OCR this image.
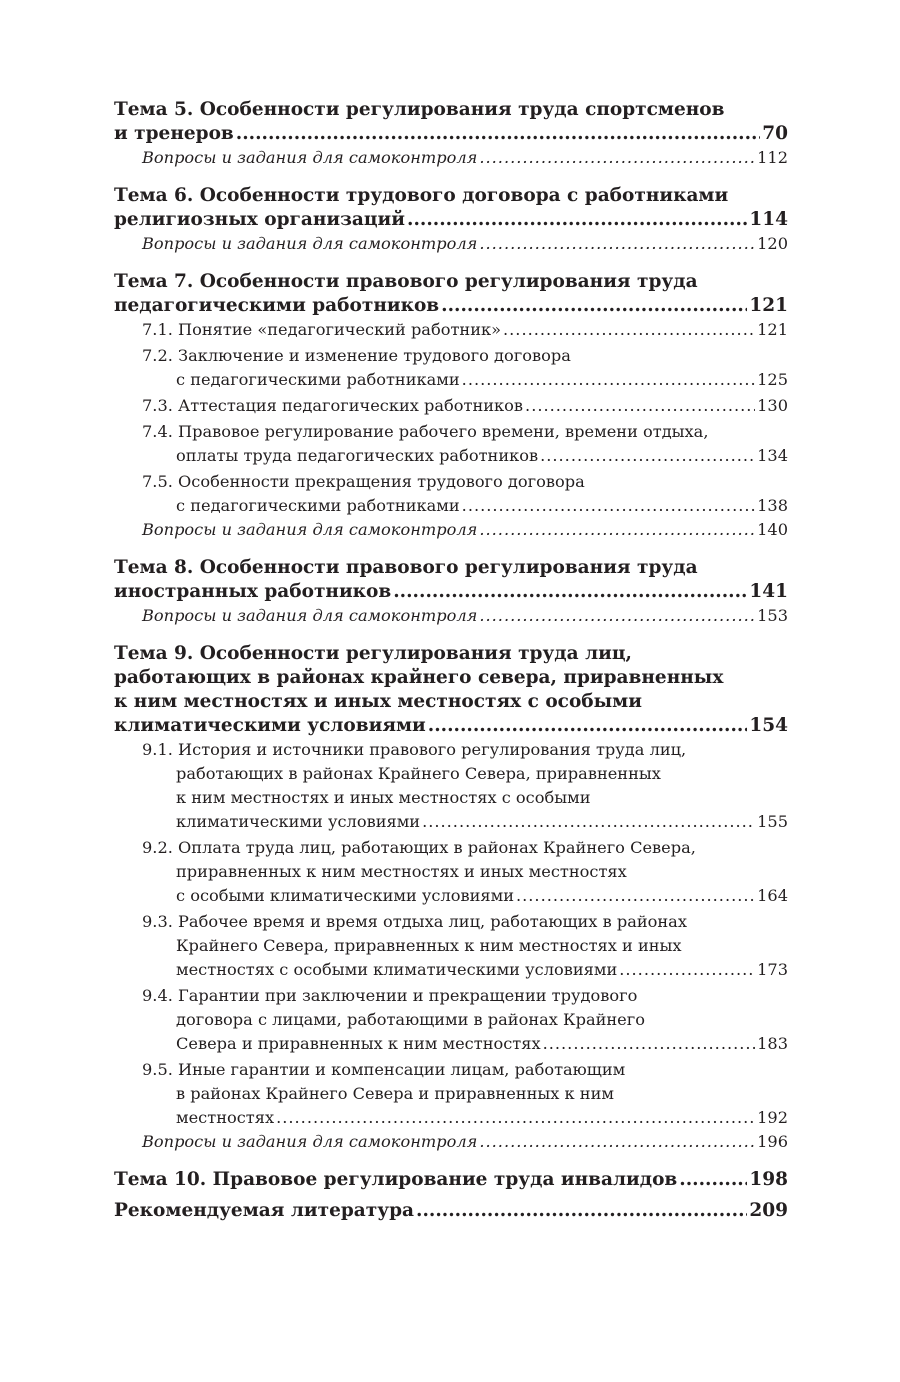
Тема 5. Особенности регулирования труда спортсменов
и тренеров .....	70
Вопросы и задания для самоконтроля .....	112
Тема 6. Особенности трудового договора с работниками
религиозных организаций .....	114
Вопросы и задания для самоконтроля .....	120
Тема 7. Особенности правового регулирования труда
педагогическими работников .....	121
7.1. Понятие «педагогический работник» .....	121
7.2. Заключение и изменение трудового договора
с педагогическими работниками .....	125
7.3. Аттестация педагогических работников .....	130
7.4. Правовое регулирование рабочего времени, времени отдыха,
оплаты труда педагогических работников .....	134
7.5. Особенности прекращения трудового договора
с педагогическими работниками .....	138
Вопросы и задания для самоконтроля .....	140
Тема 8. Особенности правового регулирования труда
иностранных работников .....	141
Вопросы и задания для самоконтроля .....	153
Тема 9. Особенности регулирования труда лиц,
работающих в районах крайнего севера, приравненных
к ним местностях и иных местностях с особыми
климатическими условиями .....	154
9.1. История и источники правового регулирования труда лиц,
работающих в районах Крайнего Севера, приравненных
к ним местностях и иных местностях с особыми
климатическими условиями .....	155
9.2. Оплата труда лиц, работающих в районах Крайнего Севера,
приравненных к ним местностях и иных местностях
с особыми климатическими условиями .....	164
9.3. Рабочее время и время отдыха лиц, работающих в районах
Крайнего Севера, приравненных к ним местностях и иных
местностях с особыми климатическими условиями .....	173
9.4. Гарантии при заключении и прекращении трудового
договора с лицами, работающими в районах Крайнего
Севера и приравненных к ним местностях .....	183
9.5. Иные гарантии и компенсации лицам, работающим
в районах Крайнего Севера и приравненных к ним
местностях .....	192
Вопросы и задания для самоконтроля .....	196
Тема 10. Правовое регулирование труда инвалидов .....	198
Рекомендуемая литература .....	209
